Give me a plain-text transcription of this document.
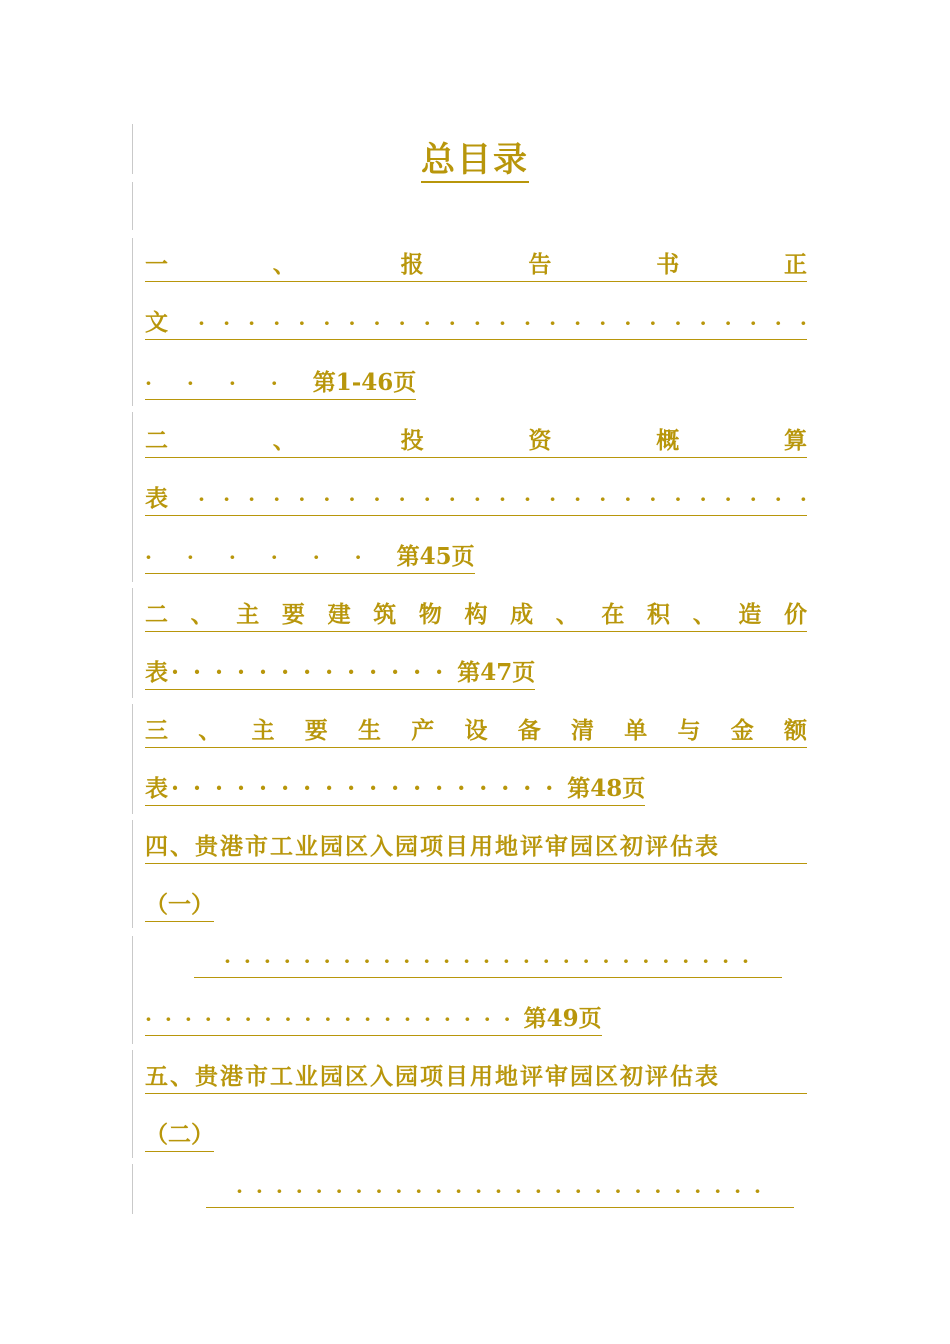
总目录
一	、	报	告	书	正
文 · · · · · · · · · · · · · · · · · · · · · · · · ·
· · · · 第1-46页
二	、	投	资	概	算
表 · · · · · · · · · · · · · · · · · · · · · · · · ·
· · · · · · 第45页
二 、 主 要 建 筑 物 构 成 、 在 积 、 造 价
表· · · · · · · · · · · · · 第47页
三 、 主 要 生 产 设 备 清 单 与 金 额
表· · · · · · · · · · · · · · · · · · 第48页
四、贵港市工业园区入园项目用地评审园区初评估表
（一）
· · · · · · · · · · · · · · · · · · · · · · · · · · ·
· · · · · · · · · · · · · · · · · · · 第49页
五、贵港市工业园区入园项目用地评审园区初评估表
（二）
· · · · · · · · · · · · · · · · · · · · · · · · · · ·
